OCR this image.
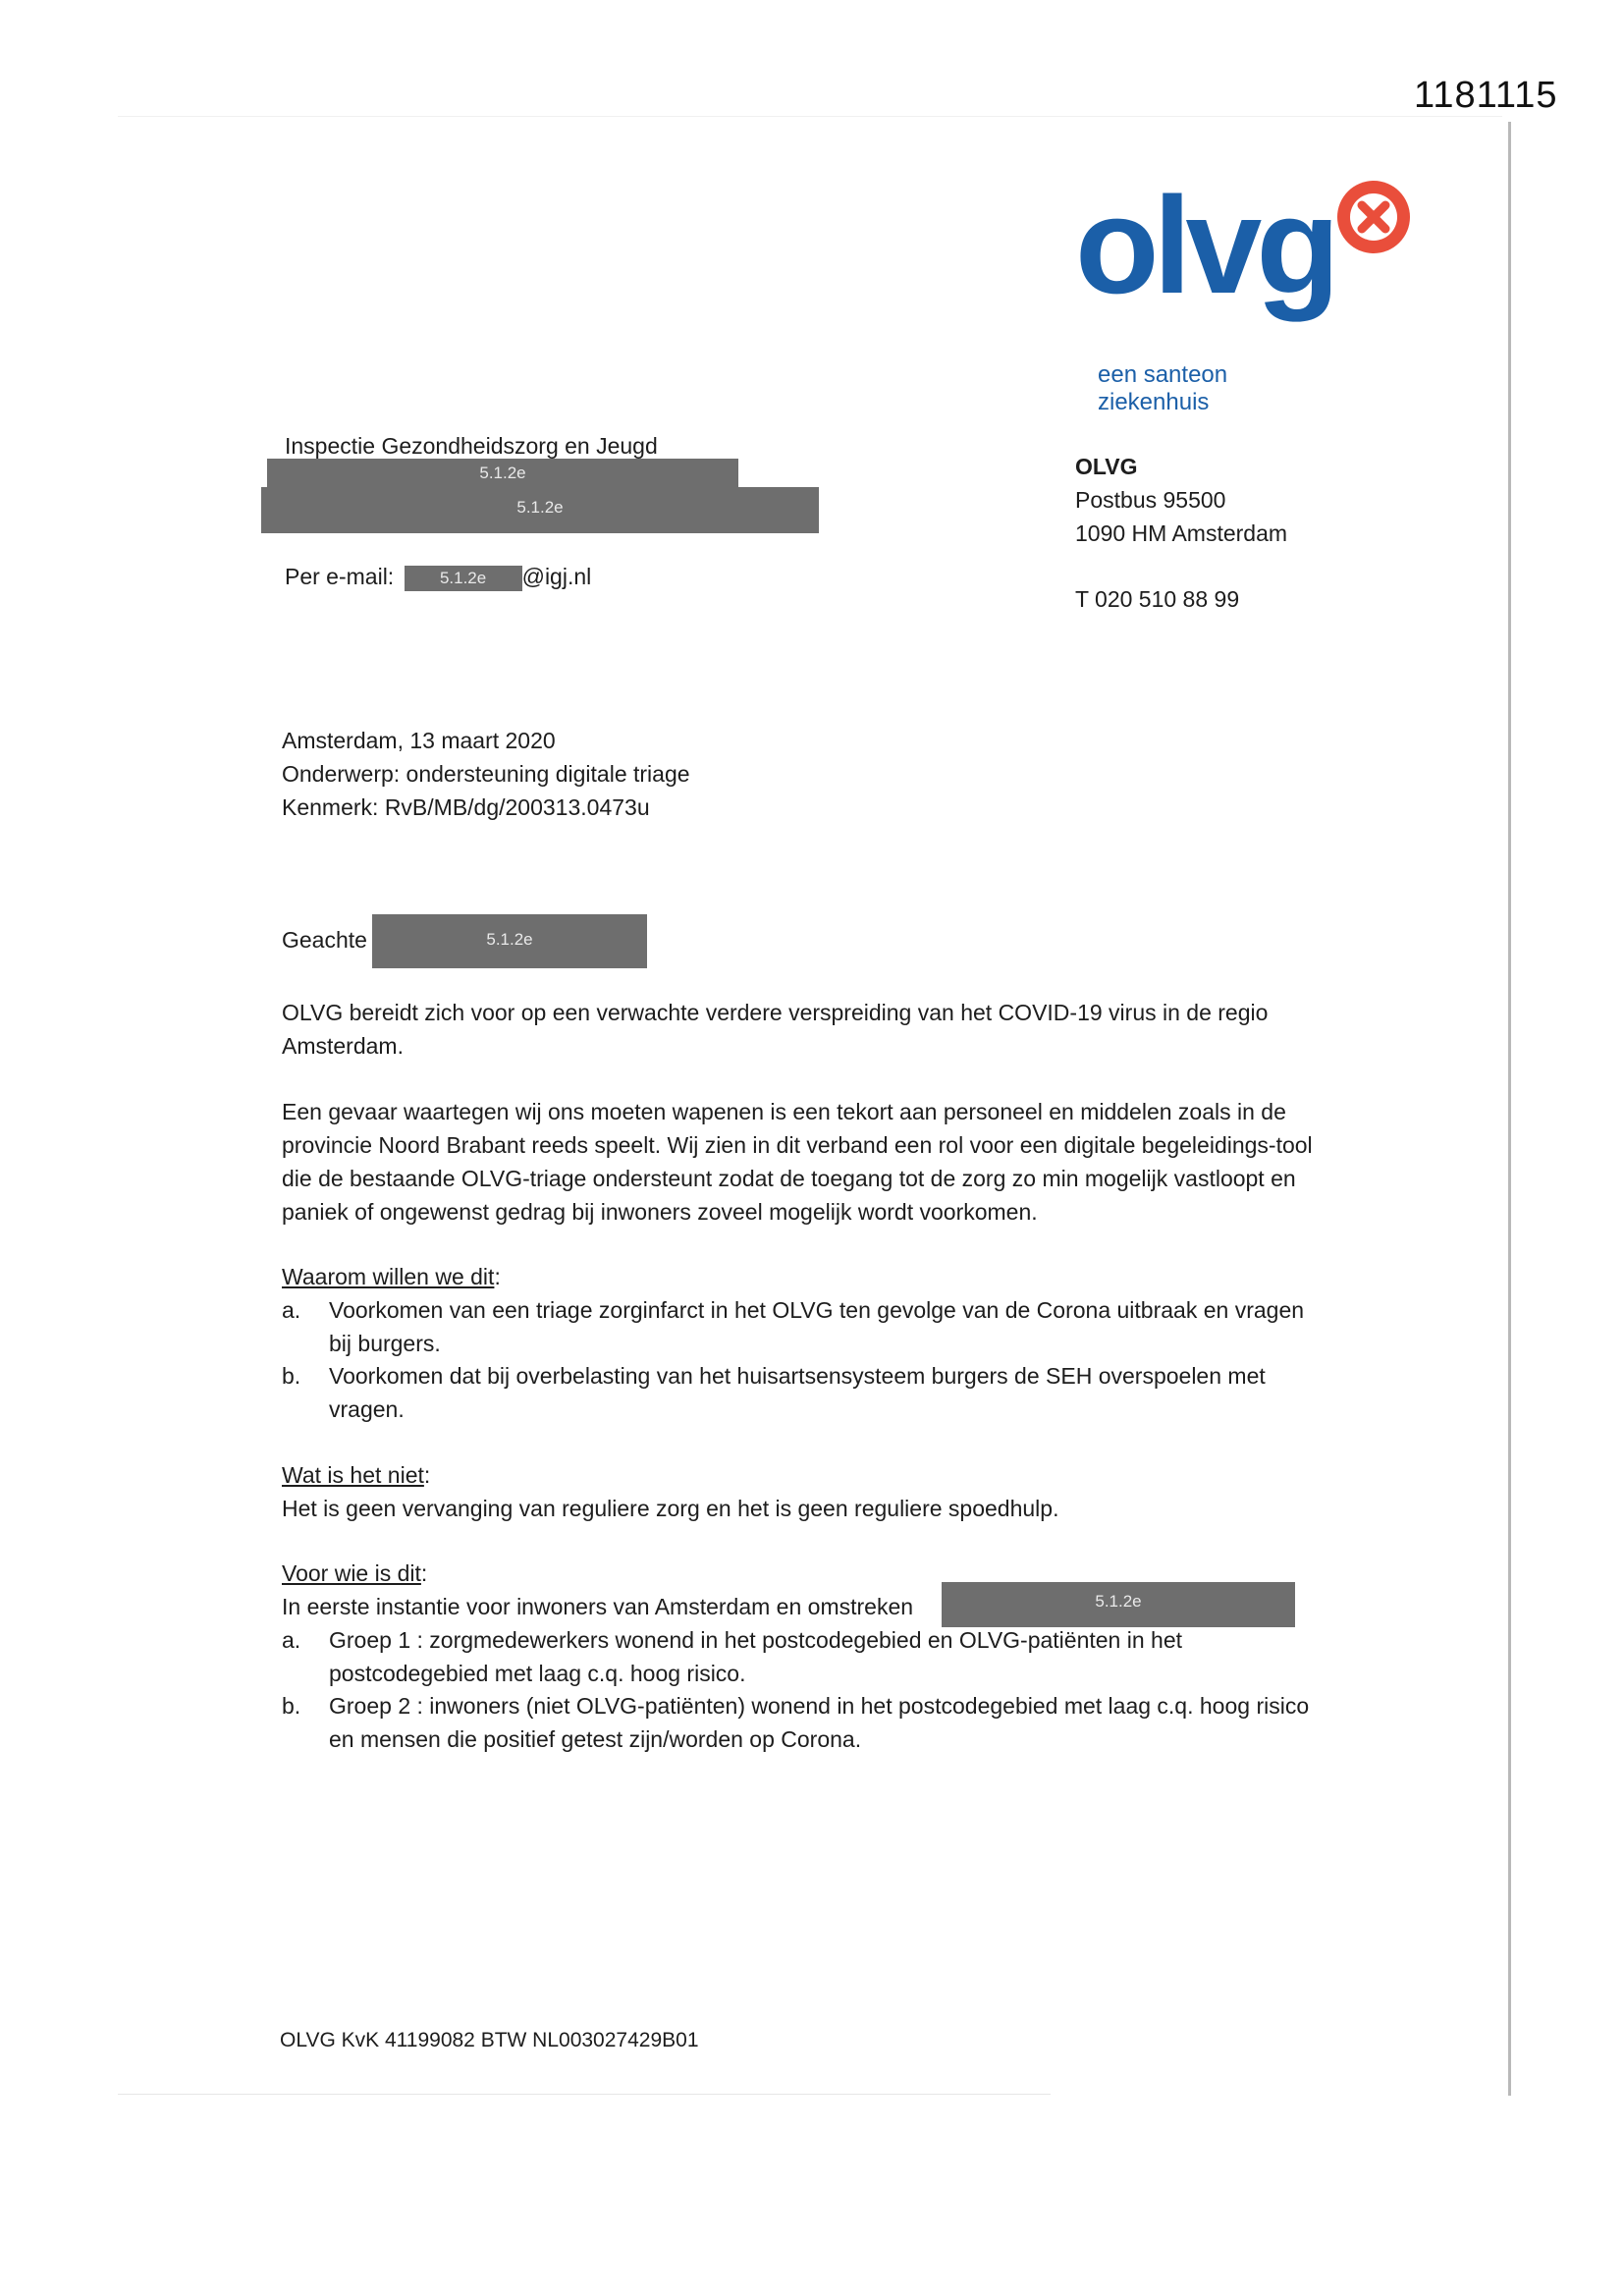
1181115
olvg
een santeon
ziekenhuis
OLVG
Postbus 95500
1090 HM Amsterdam
T 020 510 88 99
Inspectie Gezondheidszorg en Jeugd
5.1.2e
5.1.2e
Per e-mail:	5.1.2e @igj.nl
Amsterdam, 13 maart 2020
Onderwerp: ondersteuning digitale triage
Kenmerk: RvB/MB/dg/200313.0473u
Geachte	5.1.2e
OLVG bereidt zich voor op een verwachte verdere verspreiding van het COVID-19 virus in de regio Amsterdam.
Een gevaar waartegen wij ons moeten wapenen is een tekort aan personeel en middelen zoals in de provincie Noord Brabant reeds speelt. Wij zien in dit verband een rol voor een digitale begeleidings-tool die de bestaande OLVG-triage ondersteunt zodat de toegang tot de zorg zo min mogelijk vastloopt en paniek of ongewenst gedrag bij inwoners zoveel mogelijk wordt voorkomen.
Waarom willen we dit:
a. Voorkomen van een triage zorginfarct in het OLVG ten gevolge van de Corona uitbraak en vragen bij burgers.
b. Voorkomen dat bij overbelasting van het huisartsensysteem burgers de SEH overspoelen met vragen.
Wat is het niet:
Het is geen vervanging van reguliere zorg en het is geen reguliere spoedhulp.
Voor wie is dit:
In eerste instantie voor inwoners van Amsterdam en omstreken	5.1.2e
a. Groep 1 : zorgmedewerkers wonend in het postcodegebied en OLVG-patiënten in het postcodegebied met laag c.q. hoog risico.
b. Groep 2 : inwoners (niet OLVG-patiënten) wonend in het postcodegebied met laag c.q. hoog risico en mensen die positief getest zijn/worden op Corona.
OLVG KvK 41199082 BTW NL003027429B01
